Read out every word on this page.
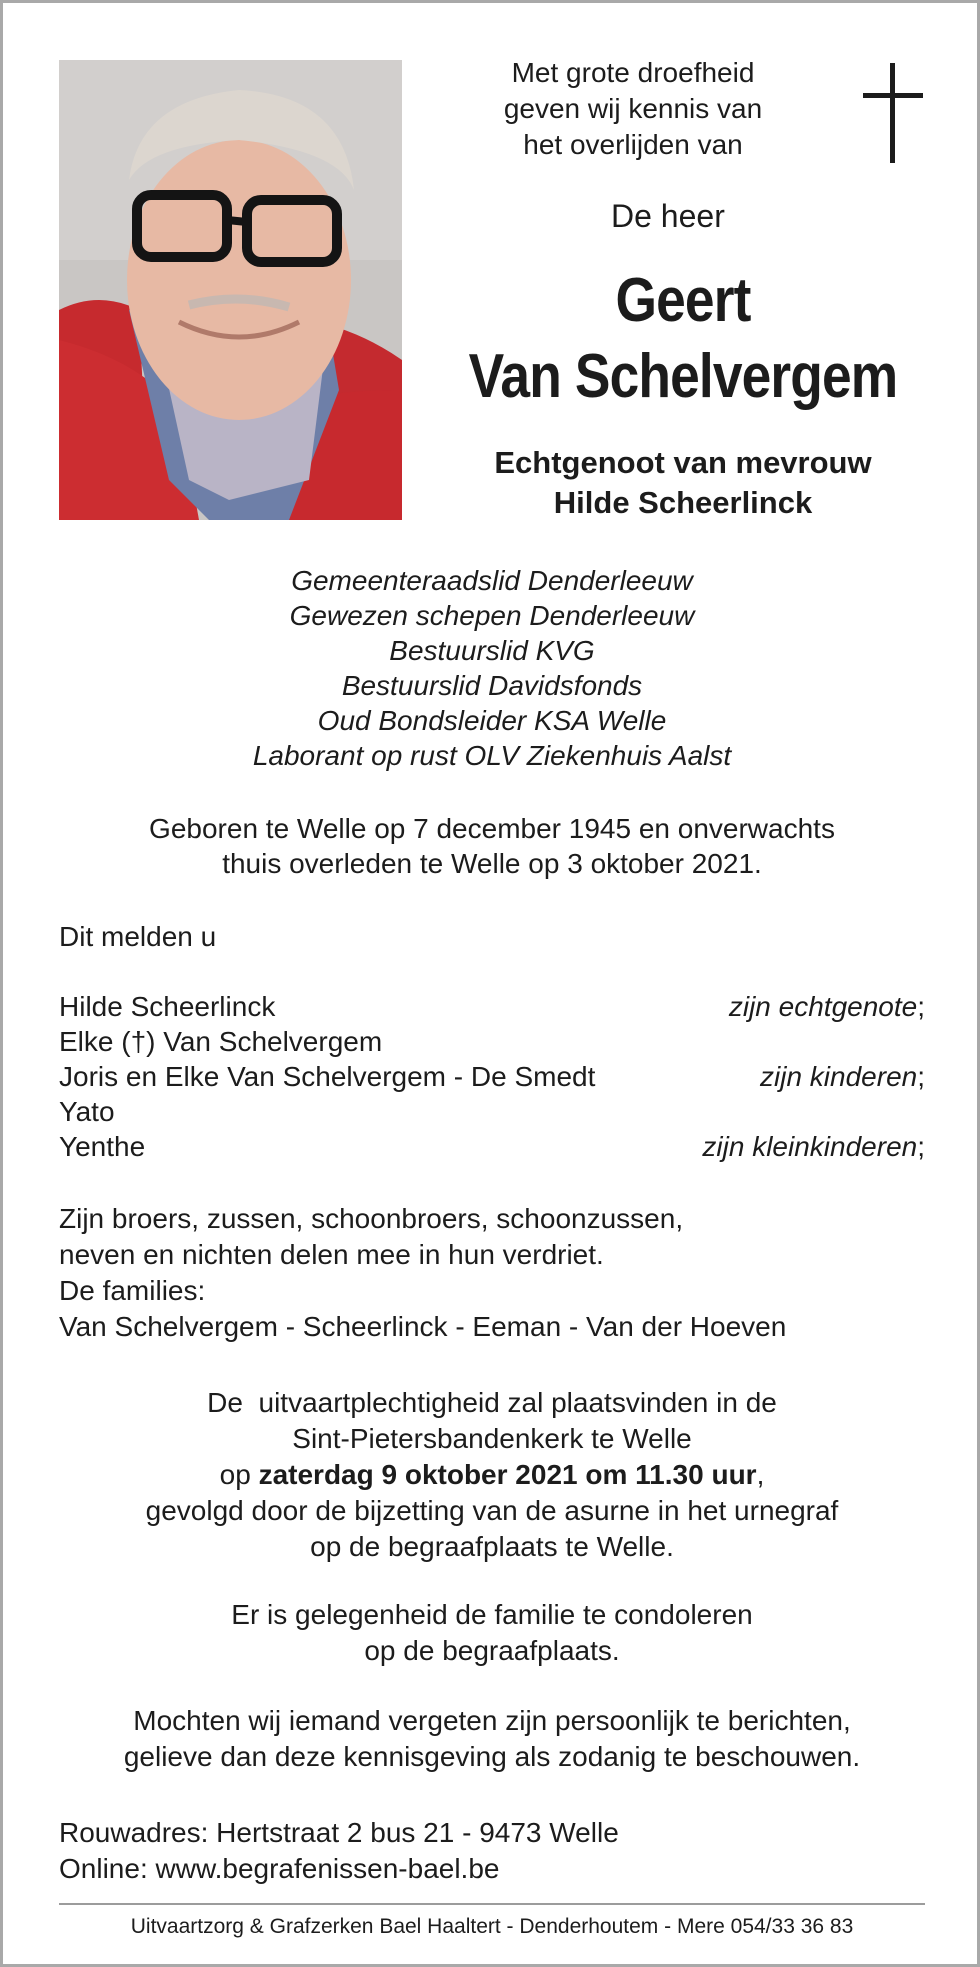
Met grote droefheid
geven wij kennis van
het overlijden van
De heer
Geert
Van Schelvergem
Echtgenoot van mevrouw
Hilde Scheerlinck
Gemeenteraadslid Denderleeuw
Gewezen schepen Denderleeuw
Bestuurslid KVG
Bestuurslid Davidsfonds
Oud Bondsleider KSA Welle
Laborant op rust OLV Ziekenhuis Aalst
Geboren te Welle op 7 december 1945 en onverwachts
thuis overleden te Welle op 3 oktober 2021.
Dit melden u
Hilde Scheerlinck	zijn echtgenote;
Elke (†) Van Schelvergem
Joris en Elke Van Schelvergem - De Smedt	zijn kinderen;
Yato
Yenthe	zijn kleinkinderen;
Zijn broers, zussen, schoonbroers, schoonzussen,
neven en nichten delen mee in hun verdriet.
De families:
Van Schelvergem - Scheerlinck - Eeman - Van der Hoeven
De  uitvaartplechtigheid zal plaatsvinden in de
Sint-Pietersbandenkerk te Welle
op zaterdag 9 oktober 2021 om 11.30 uur,
gevolgd door de bijzetting van de asurne in het urnegraf
op de begraafplaats te Welle.
Er is gelegenheid de familie te condoleren
op de begraafplaats.
Mochten wij iemand vergeten zijn persoonlijk te berichten,
gelieve dan deze kennisgeving als zodanig te beschouwen.
Rouwadres: Hertstraat 2 bus 21 - 9473 Welle
Online: www.begrafenissen-bael.be
Uitvaartzorg & Grafzerken Bael Haaltert - Denderhoutem - Mere 054/33 36 83
